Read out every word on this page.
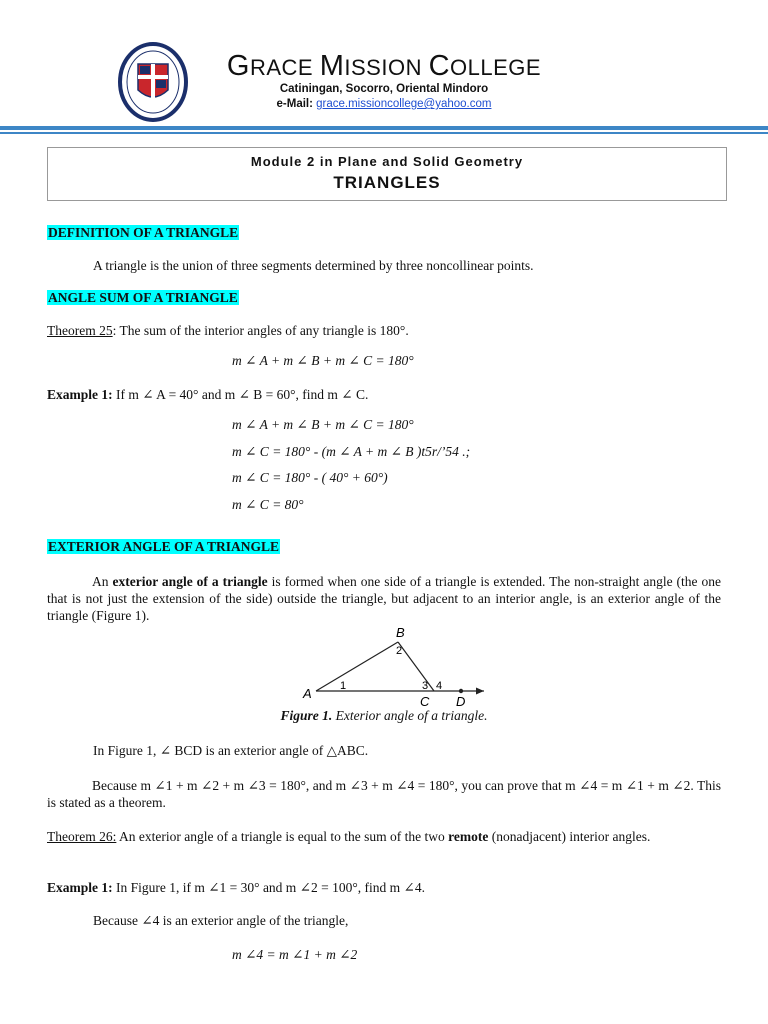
GRACE MISSION COLLEGE
Catiningan, Socorro, Oriental Mindoro
e-Mail: grace.missioncollege@yahoo.com
Module 2 in Plane and Solid Geometry
TRIANGLES
DEFINITION OF A TRIANGLE
A triangle is the union of three segments determined by three noncollinear points.
ANGLE SUM OF A TRIANGLE
Theorem 25: The sum of the interior angles of any triangle is 180°.
m ∠ A + m ∠ B + m ∠ C = 180°
Example 1: If m ∠ A = 40° and m ∠ B = 60°, find m ∠ C.
m ∠ A + m ∠ B + m ∠ C = 180°
m ∠ C = 180° - (m ∠ A + m ∠ B )t5r/’54 .;
m ∠ C = 180° - ( 40° + 60°)
m ∠ C = 80°
EXTERIOR ANGLE OF A TRIANGLE
An exterior angle of a triangle is formed when one side of a triangle is extended. The non-straight angle (the one that is not just the extension of the side) outside the triangle, but adjacent to an interior angle, is an exterior angle of the triangle (Figure 1).
A
B
C D
1
2
3 4
Figure 1. Exterior angle of a triangle.
In Figure 1, ∠ BCD is an exterior angle of △ABC.
Because m ∠1 + m ∠2 + m ∠3 = 180°, and m ∠3 + m ∠4 = 180°, you can prove that m ∠4 = m ∠1 + m ∠2. This is stated as a theorem.
Theorem 26: An exterior angle of a triangle is equal to the sum of the two remote (nonadjacent) interior angles.
Example 1: In Figure 1, if m ∠1 = 30° and m ∠2 = 100°, find m ∠4.
Because ∠4 is an exterior angle of the triangle,
m ∠4 = m ∠1 + m ∠2
